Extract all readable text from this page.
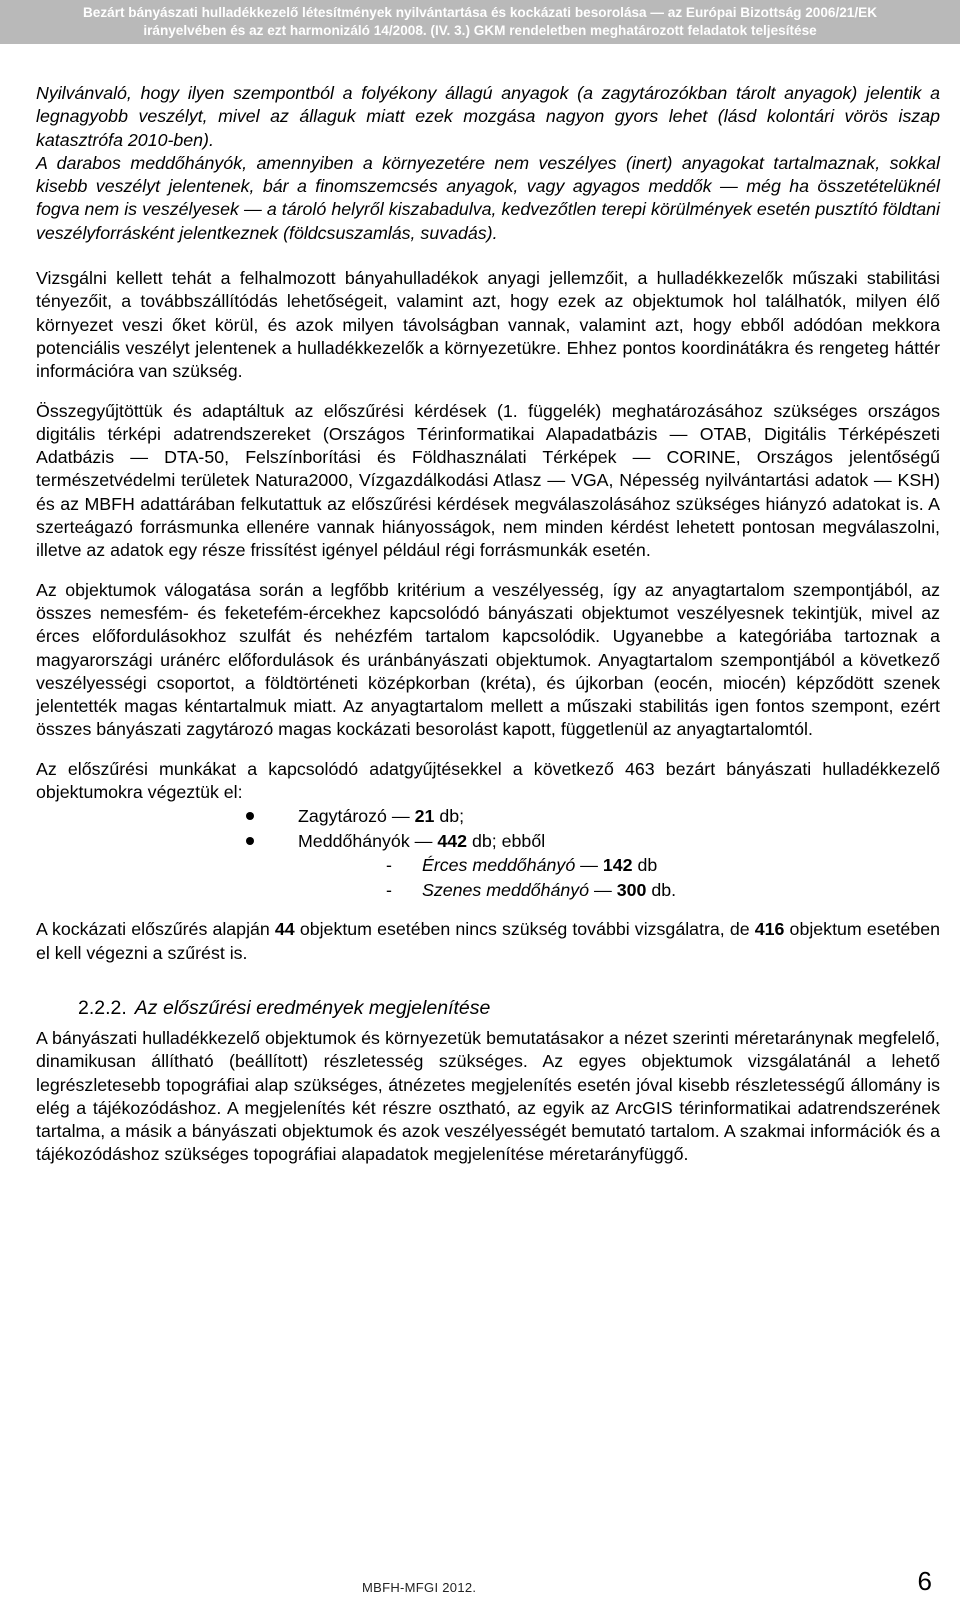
Bezárt bányászati hulladékkezelő létesítmények nyilvántartása és kockázati besorolása — az Európai Bizottság 2006/21/EK
irányelvében és az ezt harmonizáló 14/2008. (IV. 3.) GKM rendeletben meghatározott feladatok teljesítése

Nyilvánvaló, hogy ilyen szempontból a folyékony állagú anyagok (a zagytározókban tárolt anyagok) jelentik a legnagyobb veszélyt, mivel az állaguk miatt ezek mozgása nagyon gyors lehet (lásd kolontári vörös iszap katasztrófa 2010-ben).

A darabos meddőhányók, amennyiben a környezetére nem veszélyes (inert) anyagokat tartalmaznak, sokkal kisebb veszélyt jelentenek, bár a finomszemcsés anyagok, vagy agyagos meddők — még ha összetételüknél fogva nem is veszélyesek — a tároló helyről kiszabadulva, kedvezőtlen terepi körülmények esetén pusztító földtani veszélyforrásként jelentkeznek (földcsuszamlás, suvadás).

Vizsgálni kellett tehát a felhalmozott bányahulladékok anyagi jellemzőit, a hulladékkezelők műszaki stabilitási tényezőit, a továbbszállítódás lehetőségeit, valamint azt, hogy ezek az objektumok hol találhatók, milyen élő környezet veszi őket körül, és azok milyen távolságban vannak, valamint azt, hogy ebből adódóan mekkora potenciális veszélyt jelentenek a hulladékkezelők a környezetükre. Ehhez pontos koordinátákra és rengeteg háttér információra van szükség.

Összegyűjtöttük és adaptáltuk az előszűrési kérdések (1. függelék) meghatározásához szükséges országos digitális térképi adatrendszereket (Országos Térinformatikai Alapadatbázis — OTAB, Digitális Térképészeti Adatbázis — DTA-50, Felszínborítási és Földhasználati Térképek — CORINE, Országos jelentőségű természetvédelmi területek Natura2000, Vízgazdálkodási Atlasz — VGA, Népesség nyilvántartási adatok — KSH) és az MBFH adattárában felkutattuk az előszűrési kérdések megválaszolásához szükséges hiányzó adatokat is. A szerteágazó forrásmunka ellenére vannak hiányosságok, nem minden kérdést lehetett pontosan megválaszolni, illetve az adatok egy része frissítést igényel például régi forrásmunkák esetén.

Az objektumok válogatása során a legfőbb kritérium a veszélyesség, így az anyagtartalom szempontjából, az összes nemesfém- és feketefém-ércekhez kapcsolódó bányászati objektumot veszélyesnek tekintjük, mivel az érces előfordulásokhoz szulfát és nehézfém tartalom kapcsolódik. Ugyanebbe a kategóriába tartoznak a magyarországi uránérc előfordulások és uránbányászati objektumok. Anyagtartalom szempontjából a következő veszélyességi csoportot, a földtörténeti középkorban (kréta), és újkorban (eocén, miocén) képződött szenek jelentették magas kéntartalmuk miatt. Az anyagtartalom mellett a műszaki stabilitás igen fontos szempont, ezért összes bányászati zagytározó magas kockázati besorolást kapott, függetlenül az anyagtartalomtól.

Az előszűrési munkákat a kapcsolódó adatgyűjtésekkel a következő 463 bezárt bányászati hulladékkezelő objektumokra végeztük el:

Zagytározó — 21 db;
Meddőhányók — 442 db; ebből
- Érces meddőhányó — 142 db
- Szenes meddőhányó — 300 db.

A kockázati előszűrés alapján 44 objektum esetében nincs szükség további vizsgálatra, de 416 objektum esetében el kell végezni a szűrést is.

2.2.2. Az előszűrési eredmények megjelenítése

A bányászati hulladékkezelő objektumok és környezetük bemutatásakor a nézet szerinti méretaránynak megfelelő, dinamikusan állítható (beállított) részletesség szükséges. Az egyes objektumok vizsgálatánál a lehető legrészletesebb topográfiai alap szükséges, átnézetes megjelenítés esetén jóval kisebb részletességű állomány is elég a tájékozódáshoz. A megjelenítés két részre osztható, az egyik az ArcGIS térinformatikai adatrendszerének tartalma, a másik a bányászati objektumok és azok veszélyességét bemutató tartalom. A szakmai információk és a tájékozódáshoz szükséges topográfiai alapadatok megjelenítése méretarányfüggő.

MBFH-MFGI 2012.	6
